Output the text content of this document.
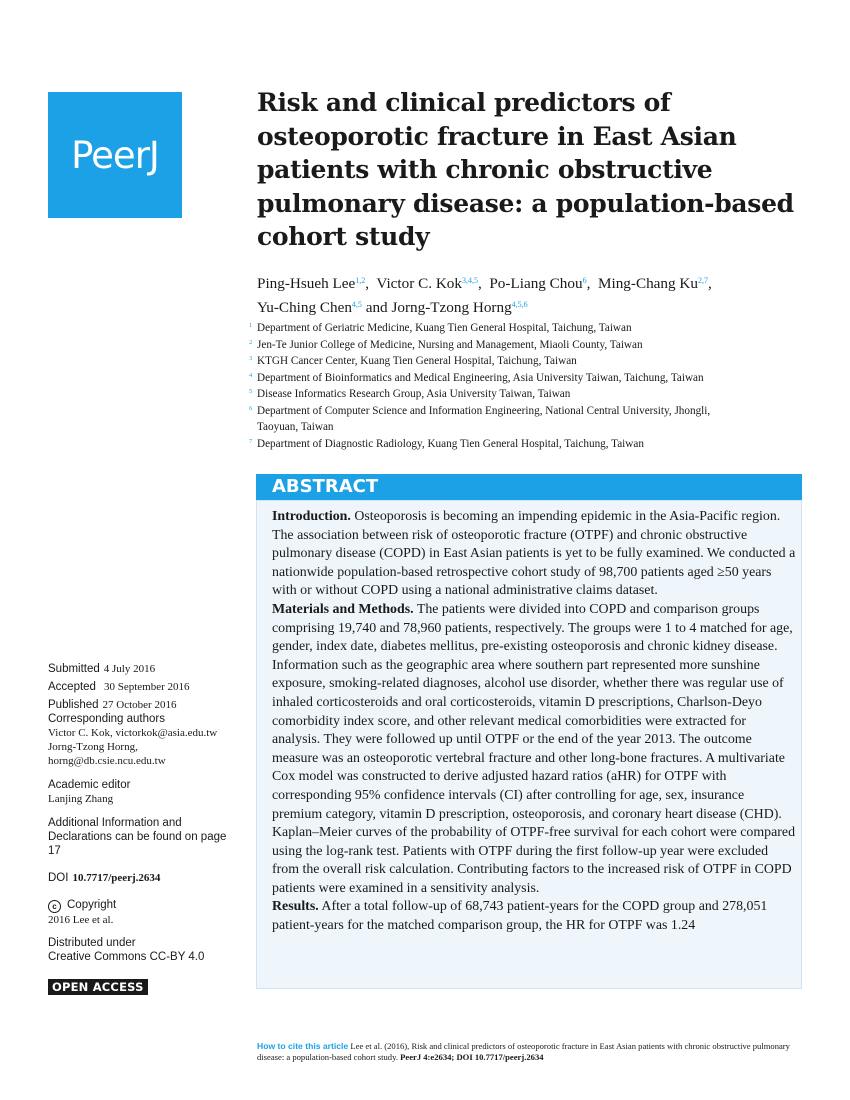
PeerJ
Risk and clinical predictors of osteoporotic fracture in East Asian patients with chronic obstructive pulmonary disease: a population-based cohort study
Ping-Hsueh Lee$^{1,2}$,  Victor C. Kok$^{3,4,5}$,  Po-Liang Chou$^6$,  Ming-Chang Ku$^{2,7}$,
Yu-Ching Chen$^{4,5}$ and Jorng-Tzong Horng$^{4,5,6}$
1 Department of Geriatric Medicine, Kuang Tien General Hospital, Taichung, Taiwan
2 Jen-Te Junior College of Medicine, Nursing and Management, Miaoli County, Taiwan
3 KTGH Cancer Center, Kuang Tien General Hospital, Taichung, Taiwan
4 Department of Bioinformatics and Medical Engineering, Asia University Taiwan, Taichung, Taiwan
5 Disease Informatics Research Group, Asia University Taiwan, Taiwan
6 Department of Computer Science and Information Engineering, National Central University, Jhongli, Taoyuan, Taiwan
7 Department of Diagnostic Radiology, Kuang Tien General Hospital, Taichung, Taiwan
ABSTRACT

Introduction. Osteoporosis is becoming an impending epidemic in the Asia-Pacific region. The association between risk of osteoporotic fracture (OTPF) and chronic obstructive pulmonary disease (COPD) in East Asian patients is yet to be fully examined. We conducted a nationwide population-based retrospective cohort study of 98,700 patients aged ≥50 years with or without COPD using a national administrative claims dataset.
Materials and Methods. The patients were divided into COPD and comparison groups comprising 19,740 and 78,960 patients, respectively. The groups were 1 to 4 matched for age, gender, index date, diabetes mellitus, pre-existing osteoporosis and chronic kidney disease. Information such as the geographic area where southern part represented more sunshine exposure, smoking-related diagnoses, alcohol use disorder, whether there was regular use of inhaled corticosteroids and oral corticosteroids, vitamin D prescriptions, Charlson-Deyo comorbidity index score, and other relevant medical comorbidities were extracted for analysis. They were followed up until OTPF or the end of the year 2013. The outcome measure was an osteoporotic vertebral fracture and other long-bone fractures. A multivariate Cox model was constructed to derive adjusted hazard ratios (aHR) for OTPF with corresponding 95% confidence intervals (CI) after controlling for age, sex, insurance premium category, vitamin D prescription, osteoporosis, and coronary heart disease (CHD). Kaplan–Meier curves of the probability of OTPF-free survival for each cohort were compared using the log-rank test. Patients with OTPF during the first follow-up year were excluded from the overall risk calculation. Contributing factors to the increased risk of OTPF in COPD patients were examined in a sensitivity analysis.
Results. After a total follow-up of 68,743 patient-years for the COPD group and 278,051 patient-years for the matched comparison group, the HR for OTPF was 1.24

Submitted 4 July 2016
Accepted 30 September 2016
Published 27 October 2016
Corresponding authors
Victor C. Kok, victorkok@asia.edu.tw
Jorng-Tzong Horng,
horng@db.csie.ncu.edu.tw
Academic editor
Lanjing Zhang
Additional Information and Declarations can be found on page 17
DOI 10.7717/peerj.2634
c Copyright
2016 Lee et al.
Distributed under
Creative Commons CC-BY 4.0
OPEN ACCESS
How to cite this article Lee et al. (2016), Risk and clinical predictors of osteoporotic fracture in East Asian patients with chronic obstructive pulmonary disease: a population-based cohort study. PeerJ 4:e2634; DOI 10.7717/peerj.2634
